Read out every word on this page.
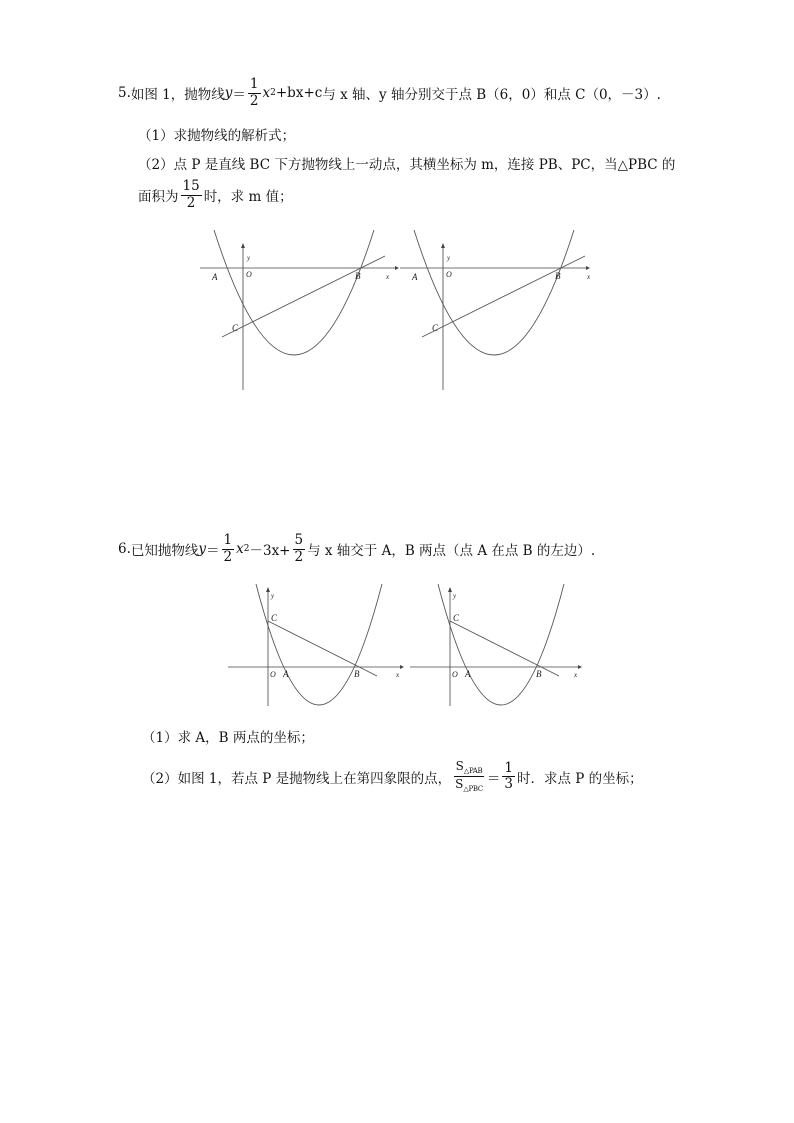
5. 如图 1，抛物线 $y = \frac{1}{2}$ x 2 +bx+c 与 x 轴、y 轴分别交于点 B（6，0）和点 C（0，－3）.
（1）求抛物线的解析式；
（2）点 P 是直线 BC 下方抛物线上一动点，其横坐标为 m，连接 PB、PC，当△PBC 的
面积为 $\frac{15}{2}$ 时，求 m 值；
A	O	B
C
x
y
A	O	B
C
x
y
6. 已知抛物线 $y = \frac{1}{2}$ x $2 -3x+ \frac{5}{2}$ 与 x 轴交于 A，B 两点（点 A 在点 B 的左边）.
C
O A	B	x
y
C
O A	B	x
y
（1）求 A，B 两点的坐标；
（2）如图 1，若点 P 是抛物线上在第四象限的点， $\frac{S_{\triangle PAB}}{S_{\triangle PBC}} = \frac{1}{3}$ 时．求点 P 的坐标；
